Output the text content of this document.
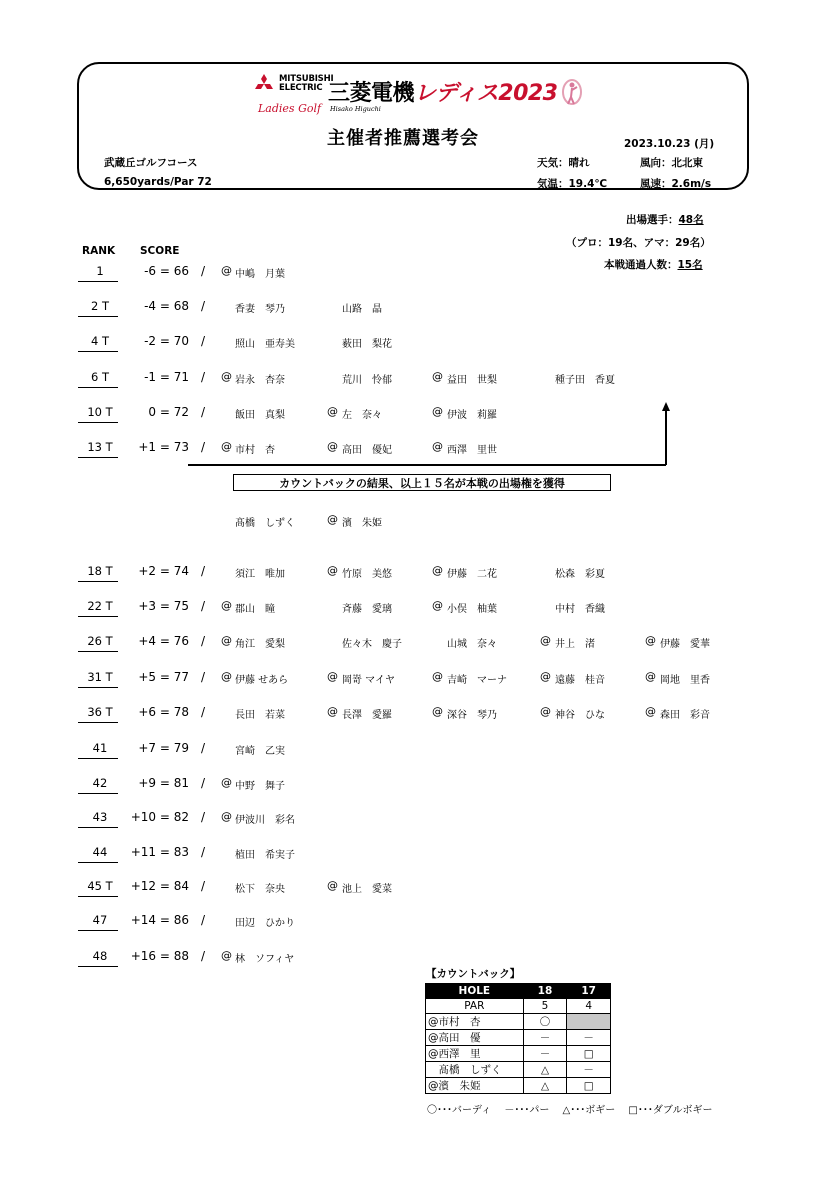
MITSUBISHI ELECTRIC
Ladies Golf
三菱電機レディス2023
Hisako Higuchi
主催者推薦選考会	2023.10.23 (月)
武蔵丘ゴルフコース
6,650yards/Par 72
天気：晴れ	風向：北北東
気温：19.4℃	風速：2.6m/s
出場選手：48名
（プロ：19名、アマ：29名）
本戦通過人数：15名
RANK SCORE
1	-6 = 66 / @ 中嶋　月葉
2 T	-4 = 68 /	香妻　琴乃	山路　晶
4 T	-2 = 70 /	照山　亜寿美	薮田　梨花
6 T	-1 = 71 / @ 岩永　杏奈	荒川　怜郁	@ 益田　世梨	種子田　香夏
10 T	0 = 72 /	飯田　真梨	@ 左　奈々	@ 伊波　莉羅
13 T	+1 = 73 / @ 市村　杏	@ 高田　優妃	@ 西澤　里世
髙橋　しずく	@ 濱　朱姫
18 T	+2 = 74 /	須江　唯加	@ 竹原　美悠	@ 伊藤　二花	松森　彩夏
22 T	+3 = 75 / @ 郡山　瞳	斉藤　愛璃	@ 小俣　柚葉	中村　香織
26 T	+4 = 76 / @ 角江　愛梨	佐々木　慶子	山城　奈々	@ 井上　渚	@ 伊藤　愛華
31 T	+5 = 77 / @ 伊藤 せあら	@ 岡嵜 マイヤ	@ 吉崎　マーナ	@ 遠藤　桂音	@ 岡地　里香
36 T	+6 = 78 /	長田　若菜	@ 長澤　愛羅	@ 深谷　琴乃	@ 神谷　ひな	@ 森田　彩音
41	+7 = 79 /	宮崎　乙実
42	+9 = 81 / @ 中野　舞子
43	+10 = 82 / @ 伊波川　彩名
44	+11 = 83 /	植田　希実子
45 T	+12 = 84 /	松下　奈央	@ 池上　愛菜
47	+14 = 86 /	田辺　ひかり
48	+16 = 88 / @ 林　ソフィヤ
カウントバックの結果、以上１５名が本戦の出場権を獲得
【カウントバック】
HOLE	18	17
PAR	5	4
@市村　杏	〇	
@高田　優	－	－
@西澤　里	－	□
　髙橋　しずく	△	－
@濱　朱姫	△	□
〇･･･バーディ　 －･･･パー　 △･･･ボギー　 □･･･ダブルボギー
